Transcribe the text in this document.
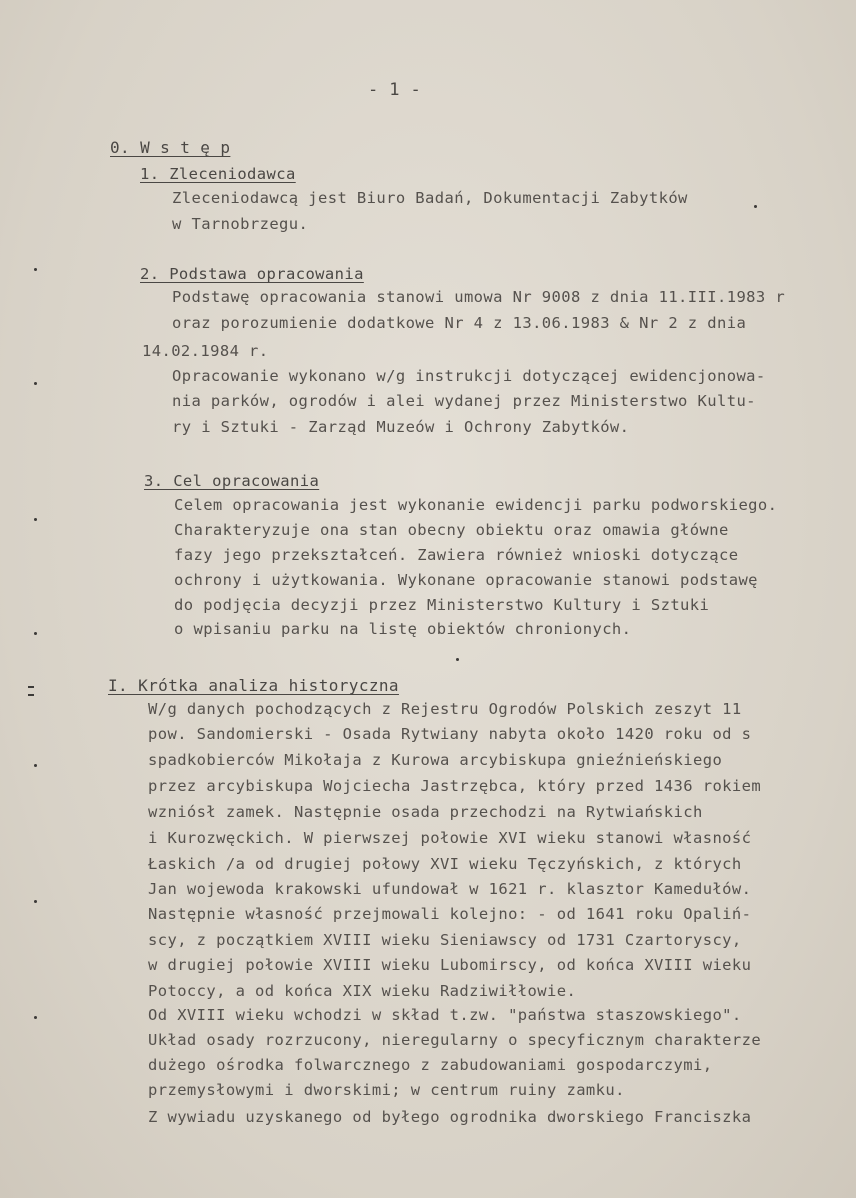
- 1 -
0. W s t ę p
1. Zleceniodawca
Zleceniodawcą jest Biuro Badań, Dokumentacji Zabytków
w Tarnobrzegu.
2. Podstawa opracowania
Podstawę opracowania stanowi umowa Nr 9008 z dnia 11.III.1983 r
oraz porozumienie dodatkowe Nr 4 z 13.06.1983 & Nr 2 z dnia
14.02.1984 r.
Opracowanie wykonano w/g instrukcji dotyczącej ewidencjonowa-
nia parków, ogrodów i alei wydanej przez Ministerstwo Kultu-
ry i Sztuki - Zarząd Muzeów i Ochrony Zabytków.
3. Cel opracowania
Celem opracowania jest wykonanie ewidencji parku podworskiego.
Charakteryzuje ona stan obecny obiektu oraz omawia główne
fazy jego przekształceń. Zawiera również wnioski dotyczące
ochrony i użytkowania. Wykonane opracowanie stanowi podstawę
do podjęcia decyzji przez Ministerstwo Kultury i Sztuki
o wpisaniu parku na listę obiektów chronionych.
I. Krótka analiza historyczna
W/g danych pochodzących z Rejestru Ogrodów Polskich zeszyt 11
pow. Sandomierski - Osada Rytwiany nabyta około 1420 roku od s
spadkobierców Mikołaja z Kurowa arcybiskupa gnieźnieńskiego
przez arcybiskupa Wojciecha Jastrzębca, który przed 1436 rokiem
wzniósł zamek. Następnie osada przechodzi na Rytwiańskich
i Kurozwęckich. W pierwszej połowie XVI wieku stanowi własność
Łaskich /a od drugiej połowy XVI wieku Tęczyńskich, z których
Jan wojewoda krakowski ufundował w 1621 r. klasztor Kamedułów.
Następnie własność przejmowali kolejno: - od 1641 roku Opaliń-
scy, z początkiem XVIII wieku Sieniawscy od 1731 Czartoryscy,
w drugiej połowie XVIII wieku Lubomirscy, od końca XVIII wieku
Potoccy, a od końca XIX wieku Radziwiłłowie.
Od XVIII wieku wchodzi w skład t.zw. "państwa staszowskiego".
Układ osady rozrzucony, nieregularny o specyficznym charakterze
dużego ośrodka folwarcznego z zabudowaniami gospodarczymi,
przemysłowymi i dworskimi; w centrum ruiny zamku.
Z wywiadu uzyskanego od byłego ogrodnika dworskiego Franciszka
